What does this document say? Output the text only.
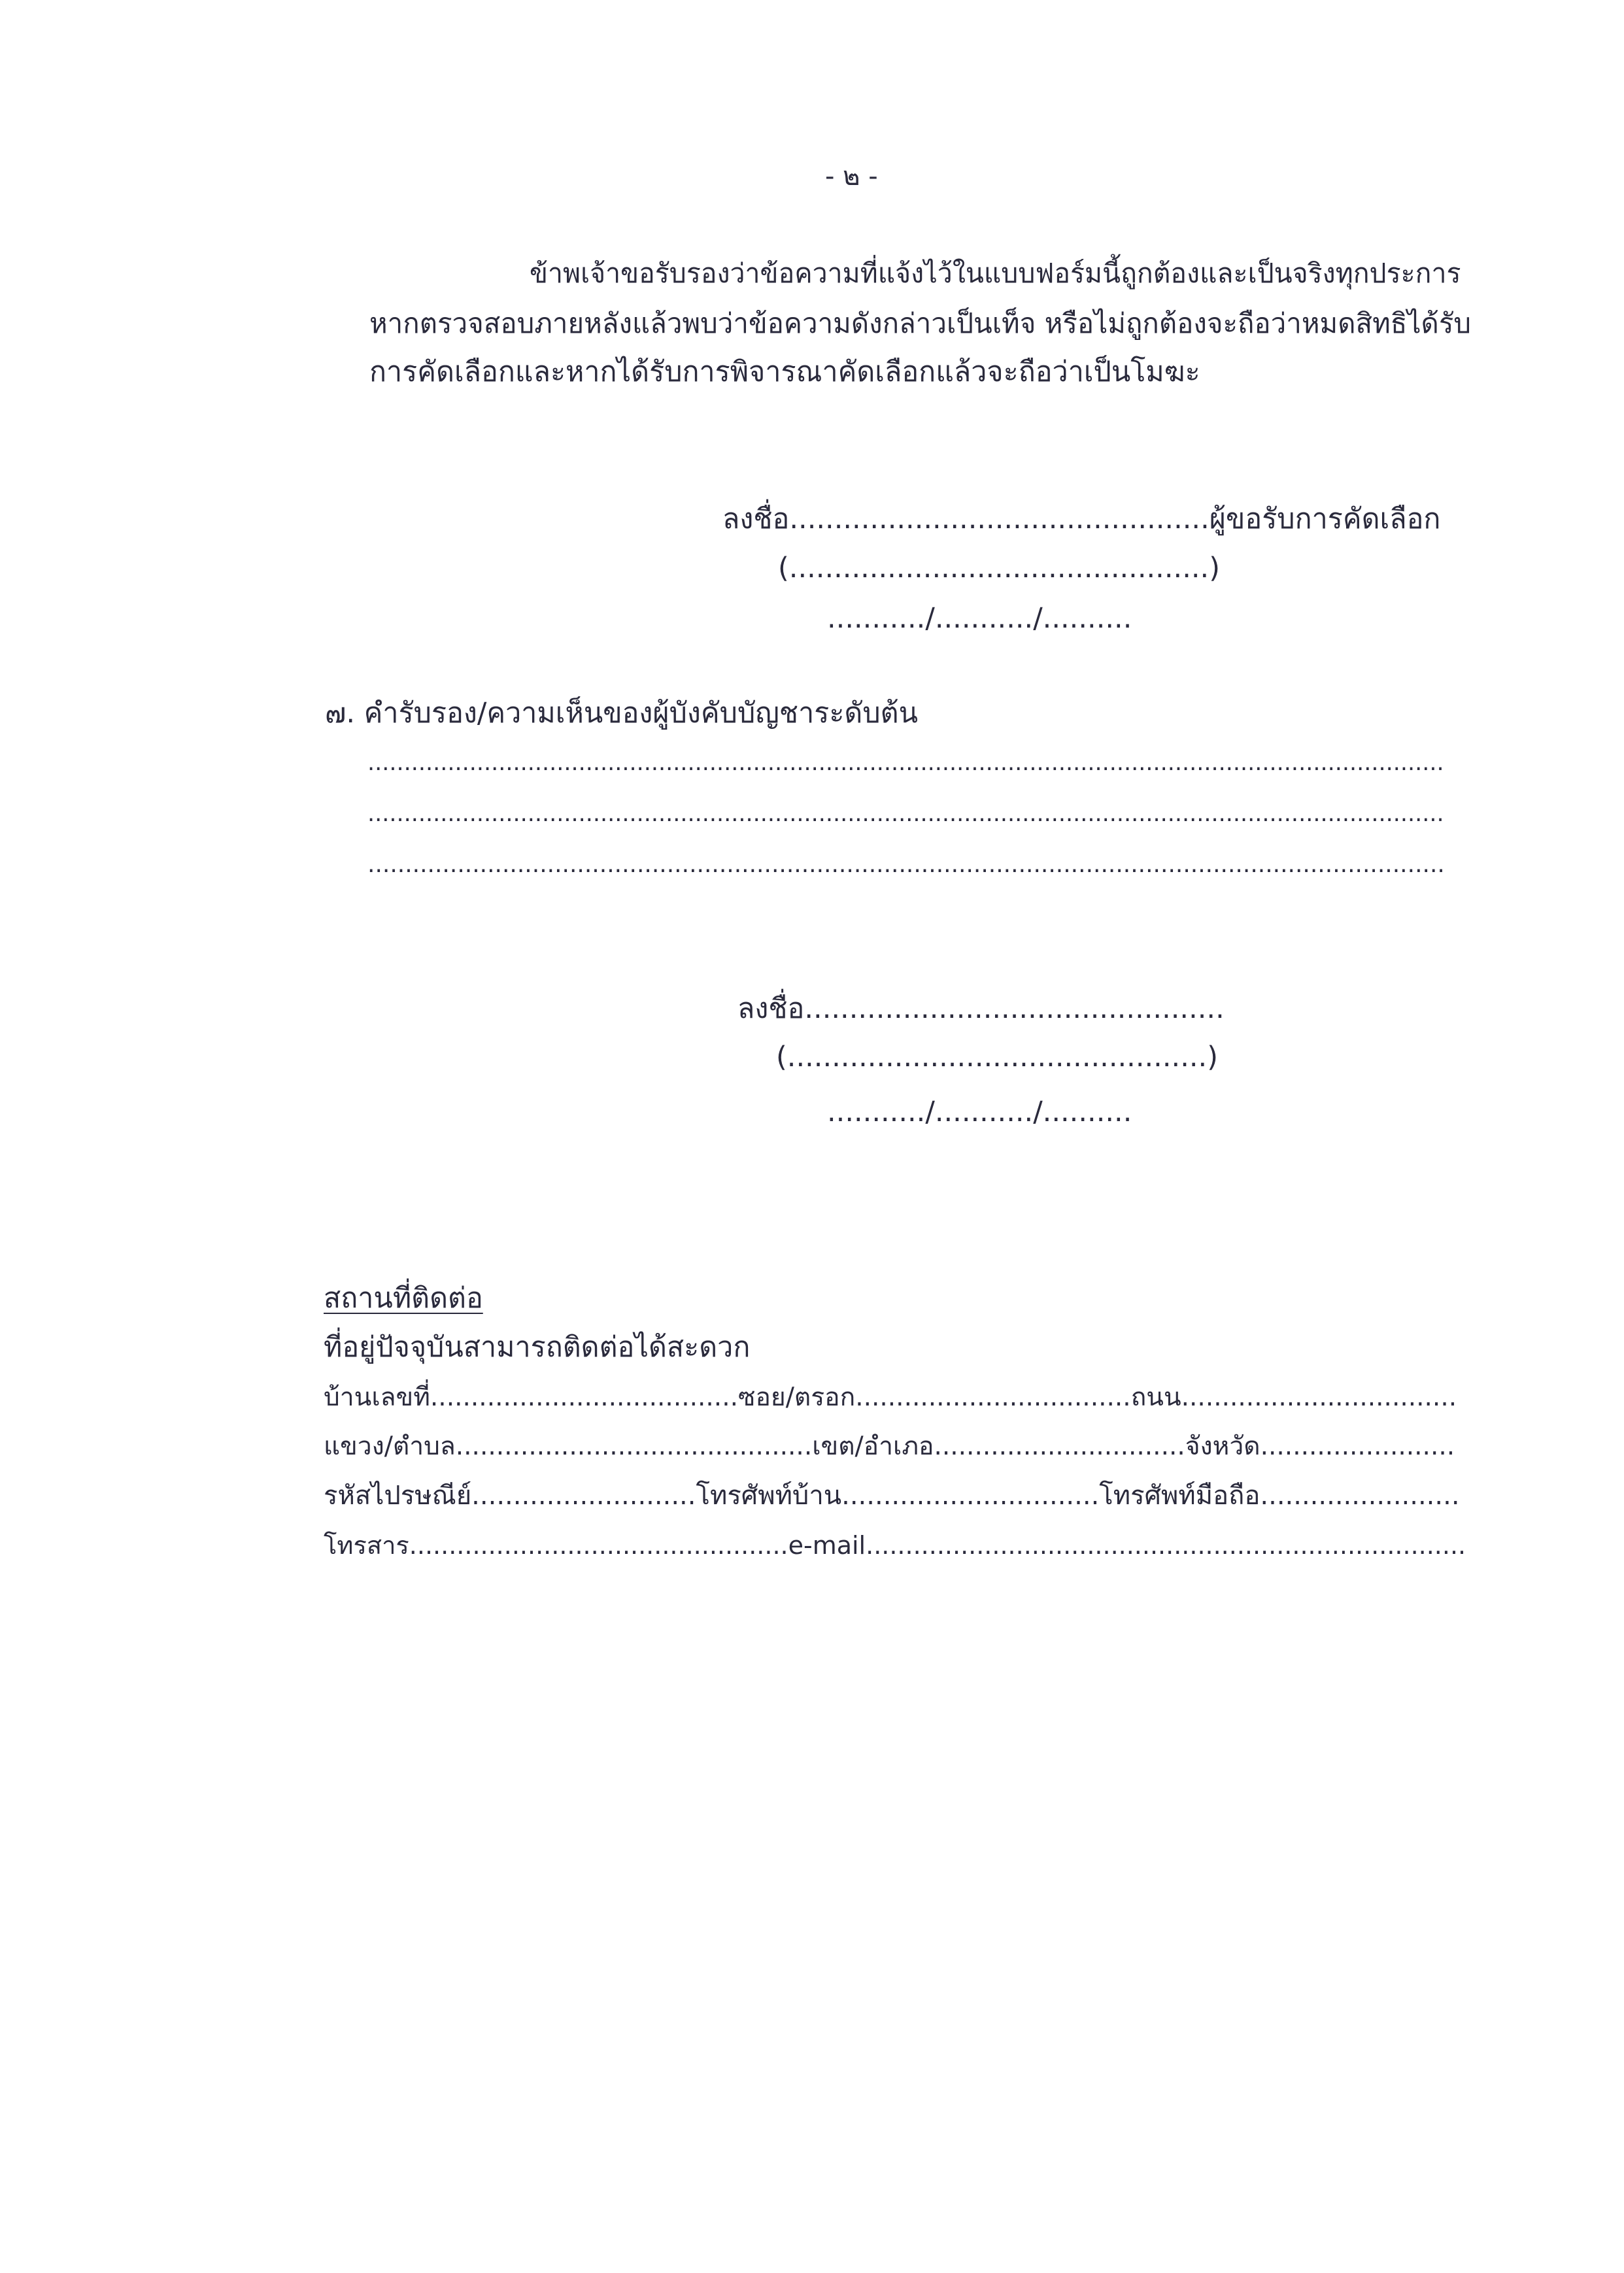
- ๒ -
ข้าพเจ้าขอรับรองว่าข้อความที่แจ้งไว้ในแบบฟอร์มนี้ถูกต้องและเป็นจริงทุกประการ
หากตรวจสอบภายหลังแล้วพบว่าข้อความดังกล่าวเป็นเท็จ หรือไม่ถูกต้องจะถือว่าหมดสิทธิได้รับ
การคัดเลือกและหากได้รับการพิจารณาคัดเลือกแล้วจะถือว่าเป็นโมฆะ
ลงชื่อ...............................................ผู้ขอรับการคัดเลือก
(...............................................)
.........../.........../..........
๗. คำรับรอง/ความเห็นของผู้บังคับบัญชาระดับต้น
....................................................................................................................................................
....................................................................................................................................................
................................................................................................................................................
ลงชื่อ...............................................
(...............................................)
.........../.........../..........
สถานที่ติดต่อ
ที่อยู่ปัจจุบันสามารถติดต่อได้สะดวก
บ้านเลขที่......................................ซอย/ตรอก..................................ถนน..................................
แขวง/ตำบล............................................เขต/อำเภอ...............................จังหวัด........................
รหัสไปรษณีย์...........................โทรศัพท์บ้าน...............................โทรศัพท์มือถือ........................
โทรสาร................................................e-mail............................................................................
